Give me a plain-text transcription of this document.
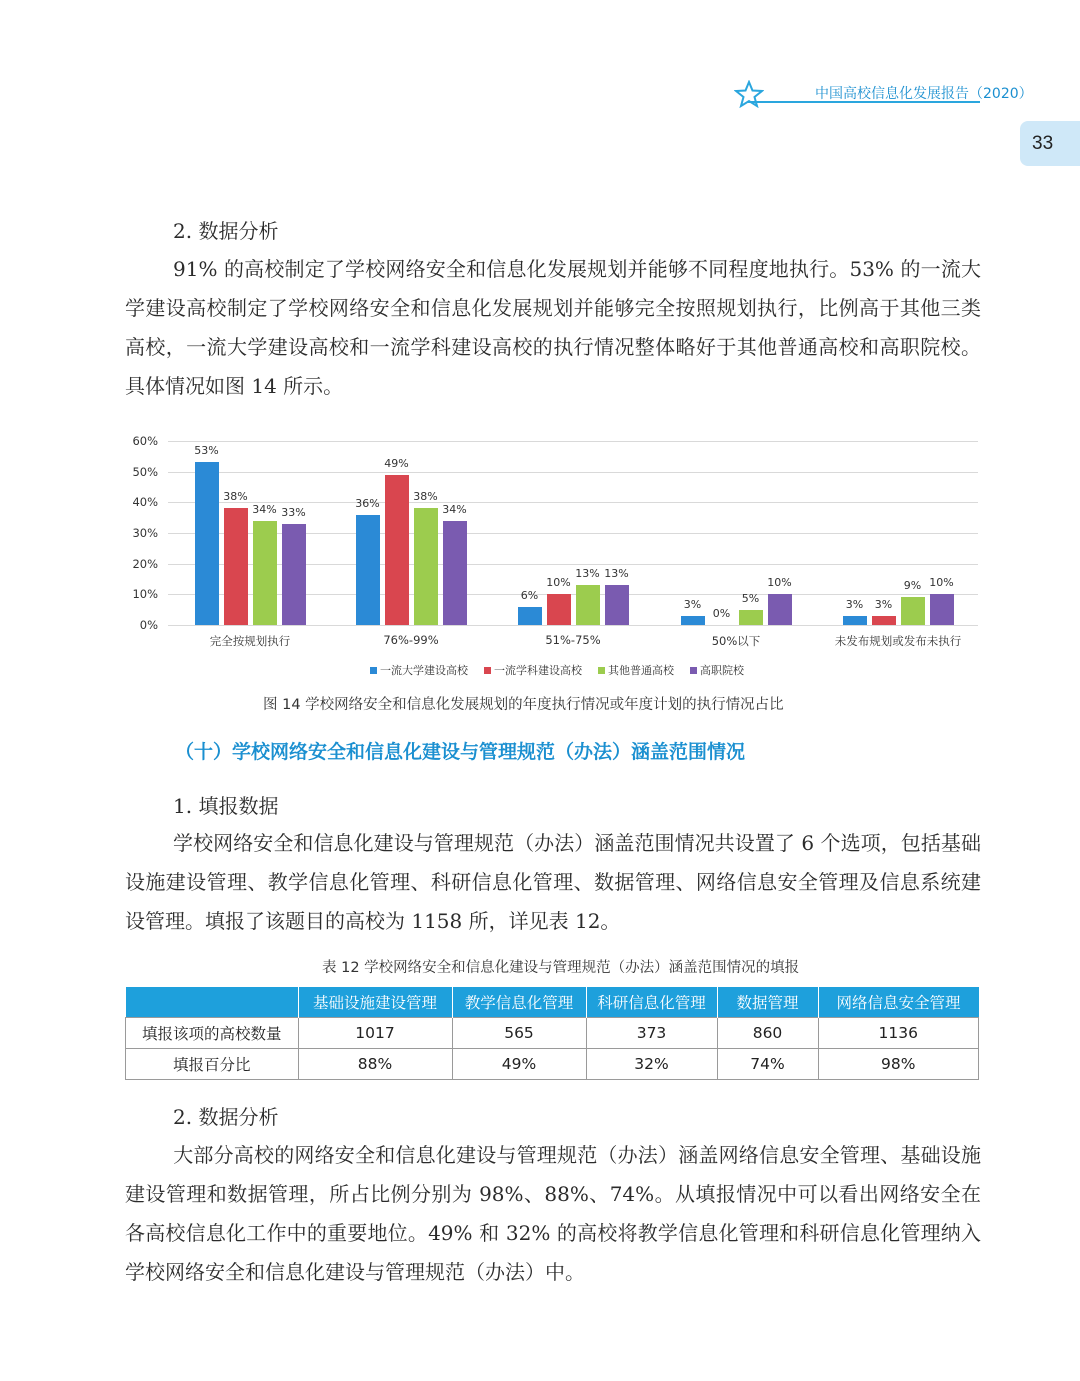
中国高校信息化发展报告（2020）
33
2. 数据分析
91% 的高校制定了学校网络安全和信息化发展规划并能够不同程度地执行。53% 的一流大学建设高校制定了学校网络安全和信息化发展规划并能够完全按照规划执行，比例高于其他三类高校，一流大学建设高校和一流学科建设高校的执行情况整体略好于其他普通高校和高职院校。具体情况如图 14 所示。
0%
10%
20%
30%
40%
50%
60%
53%
38%
34% 33%
完全按规划执行
36%
49%
38%
34%
76%-99%
6%
10%
13% 13%
51%-75%
3%
0%
5%
10%
50%以下
3%	3%
9% 10%
未发布规划或发布未执行
一流大学建设高校	一流学科建设高校	其他普通高校	高职院校
图 14 学校网络安全和信息化发展规划的年度执行情况或年度计划的执行情况占比
（十）学校网络安全和信息化建设与管理规范（办法）涵盖范围情况
1. 填报数据
学校网络安全和信息化建设与管理规范（办法）涵盖范围情况共设置了 6 个选项，包括基础设施建设管理、教学信息化管理、科研信息化管理、数据管理、网络信息安全管理及信息系统建设管理。填报了该题目的高校为 1158 所，详见表 12。
表 12 学校网络安全和信息化建设与管理规范（办法）涵盖范围情况的填报
	基础设施建设管理	教学信息化管理	科研信息化管理	数据管理	网络信息安全管理
填报该项的高校数量	1017	565	373	860	1136
填报百分比	88%	49%	32%	74%	98%
2. 数据分析
大部分高校的网络安全和信息化建设与管理规范（办法）涵盖网络信息安全管理、基础设施建设管理和数据管理，所占比例分别为 98%、88%、74%。从填报情况中可以看出网络安全在各高校信息化工作中的重要地位。49% 和 32% 的高校将教学信息化管理和科研信息化管理纳入学校网络安全和信息化建设与管理规范（办法）中。
